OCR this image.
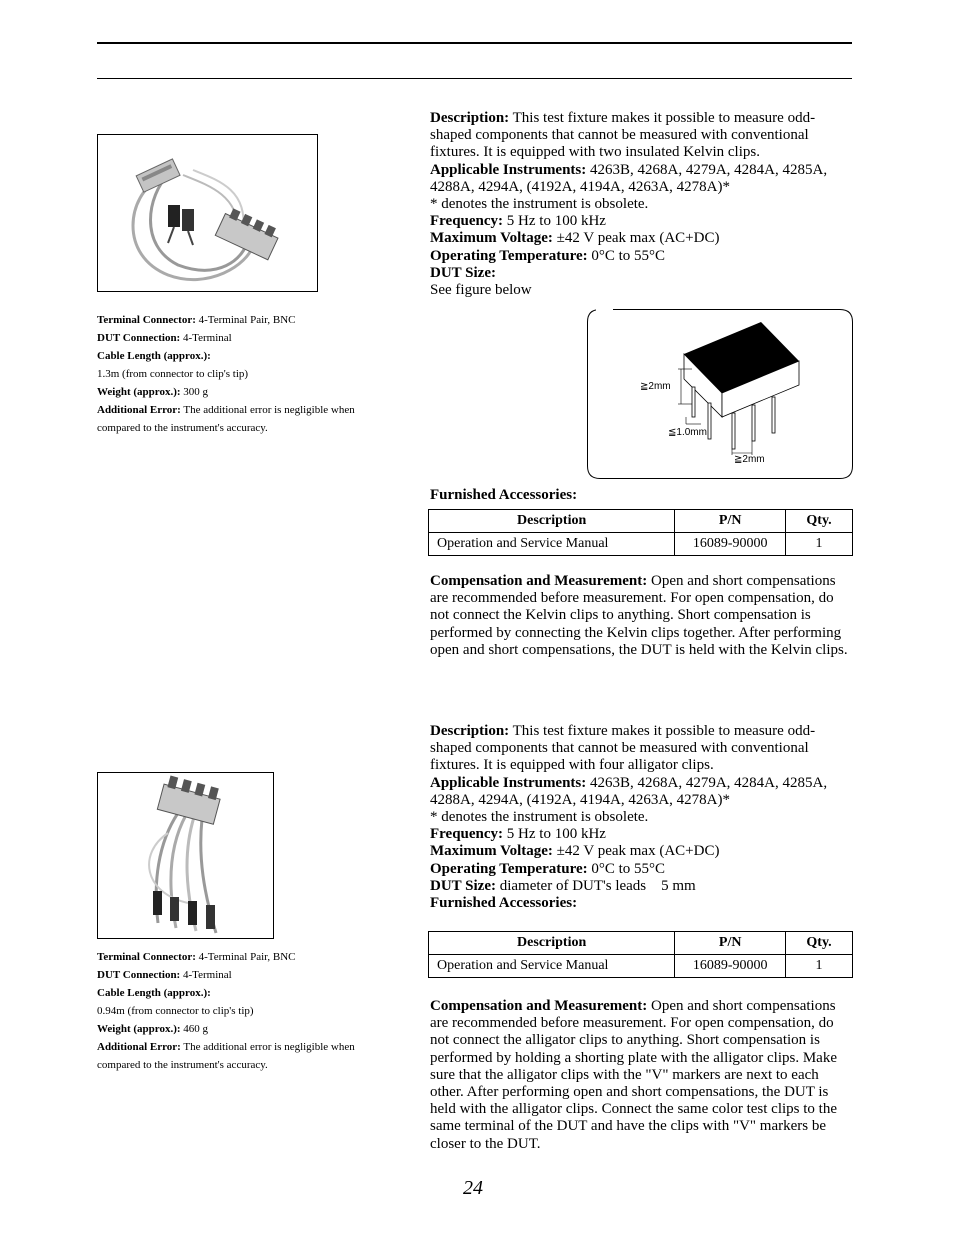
Terminal Connector: 4-Terminal Pair, BNC
DUT Connection: 4-Terminal
Cable Length (approx.):
1.3m (from connector to clip's tip)
Weight (approx.): 300 g
Additional Error: The additional error is negligible when compared to the instrument's accuracy.
Description: This test fixture makes it possible to measure odd-shaped components that cannot be measured with conventional fixtures. It is equipped with two insulated Kelvin clips.
Applicable Instruments: 4263B, 4268A, 4279A, 4284A, 4285A, 4288A, 4294A, (4192A, 4194A, 4263A, 4278A)*
* denotes the instrument is obsolete.
Frequency: 5 Hz to 100 kHz
Maximum Voltage: ±42 V peak max (AC+DC)
Operating Temperature: 0°C to 55°C
DUT Size:
See figure below
≧2mm
≦1.0mm
≧2mm
Furnished Accessories:
Description	P/N	Qty.
Operation and Service Manual	16089-90000	1
Compensation and Measurement: Open and short compensations are recommended before measurement. For open compensation, do not connect the Kelvin clips to anything. Short compensation is performed by connecting the Kelvin clips together. After performing open and short compensations, the DUT is held with the Kelvin clips.
Terminal Connector: 4-Terminal Pair, BNC
DUT Connection: 4-Terminal
Cable Length (approx.):
0.94m (from connector to clip's tip)
Weight (approx.): 460 g
Additional Error: The additional error is negligible when compared to the instrument's accuracy.
Description: This test fixture makes it possible to measure odd-shaped components that cannot be measured with conventional fixtures. It is equipped with four alligator clips.
Applicable Instruments: 4263B, 4268A, 4279A, 4284A, 4285A, 4288A, 4294A, (4192A, 4194A, 4263A, 4278A)*
* denotes the instrument is obsolete.
Frequency: 5 Hz to 100 kHz
Maximum Voltage: ±42 V peak max (AC+DC)
Operating Temperature: 0°C to 55°C
DUT Size: diameter of DUT's leads    5 mm
Furnished Accessories:
Description	P/N	Qty.
Operation and Service Manual	16089-90000	1
Compensation and Measurement: Open and short compensations are recommended before measurement. For open compensation, do not connect the alligator clips to anything. Short compensation is performed by holding a shorting plate with the alligator clips. Make sure that the alligator clips with the "V" markers are next to each other. After performing open and short compensations, the DUT is held with the alligator clips. Connect the same color test clips to the same terminal of the DUT and have the clips with "V" markers be closer to the DUT.
24
